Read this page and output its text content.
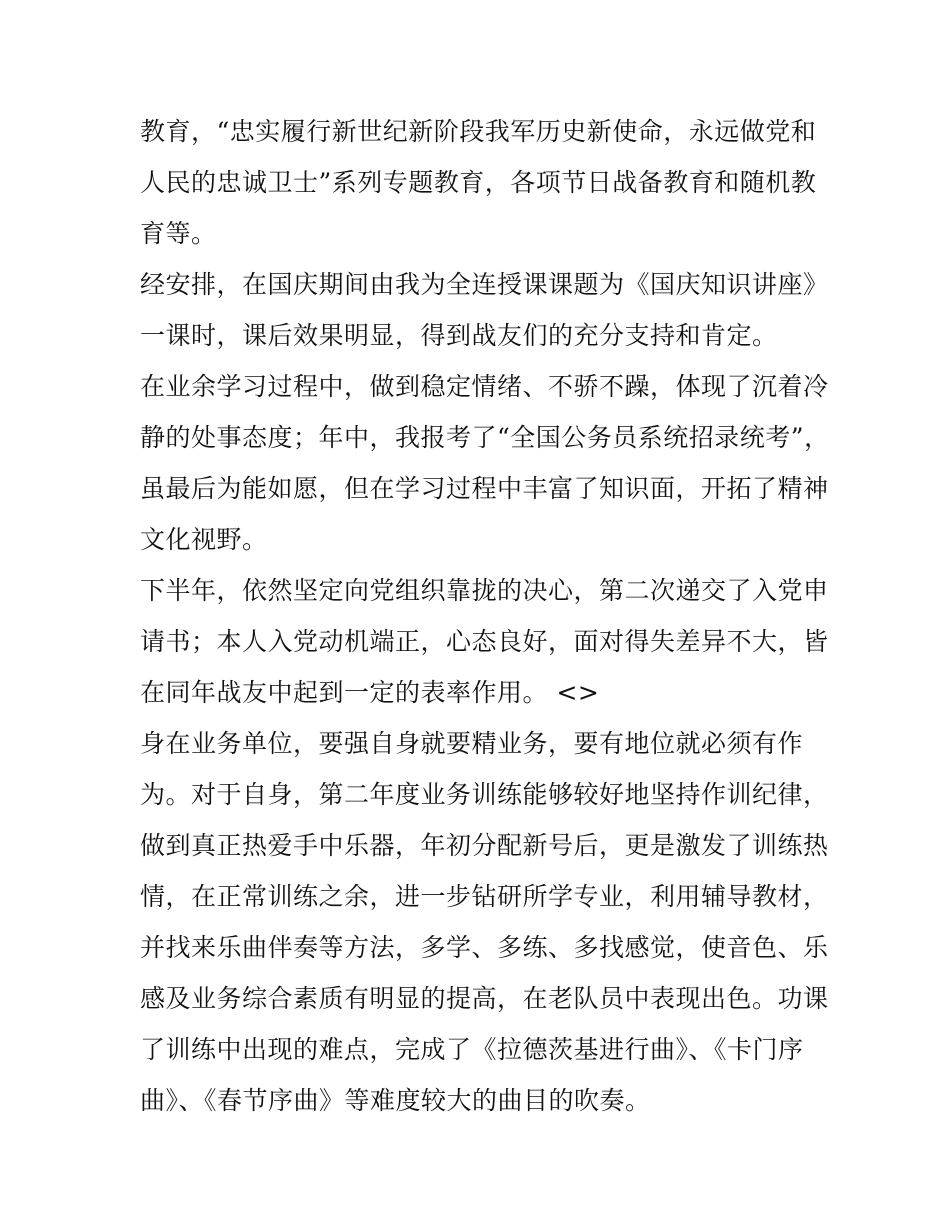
教育，“忠实履行新世纪新阶段我军历史新使命，永远做党和
人民的忠诚卫士”系列专题教育，各项节日战备教育和随机教
育等。
经安排，在国庆期间由我为全连授课课题为《国庆知识讲座》
一课时，课后效果明显，得到战友们的充分支持和肯定。
在业余学习过程中，做到稳定情绪、不骄不躁，体现了沉着冷
静的处事态度；年中，我报考了“全国公务员系统招录统考”，
虽最后为能如愿，但在学习过程中丰富了知识面，开拓了精神
文化视野。
下半年，依然坚定向党组织靠拢的决心，第二次递交了入党申
请书；本人入党动机端正，心态良好，面对得失差异不大，皆
在同年战友中起到一定的表率作用。 <>
身在业务单位，要强自身就要精业务，要有地位就必须有作
为。对于自身，第二年度业务训练能够较好地坚持作训纪律，
做到真正热爱手中乐器，年初分配新号后，更是激发了训练热
情，在正常训练之余，进一步钻研所学专业，利用辅导教材，
并找来乐曲伴奏等方法，多学、多练、多找感觉，使音色、乐
感及业务综合素质有明显的提高，在老队员中表现出色。功课
了训练中出现的难点，完成了《拉德茨基进行曲》、《卡门序
曲》、《春节序曲》等难度较大的曲目的吹奏。
